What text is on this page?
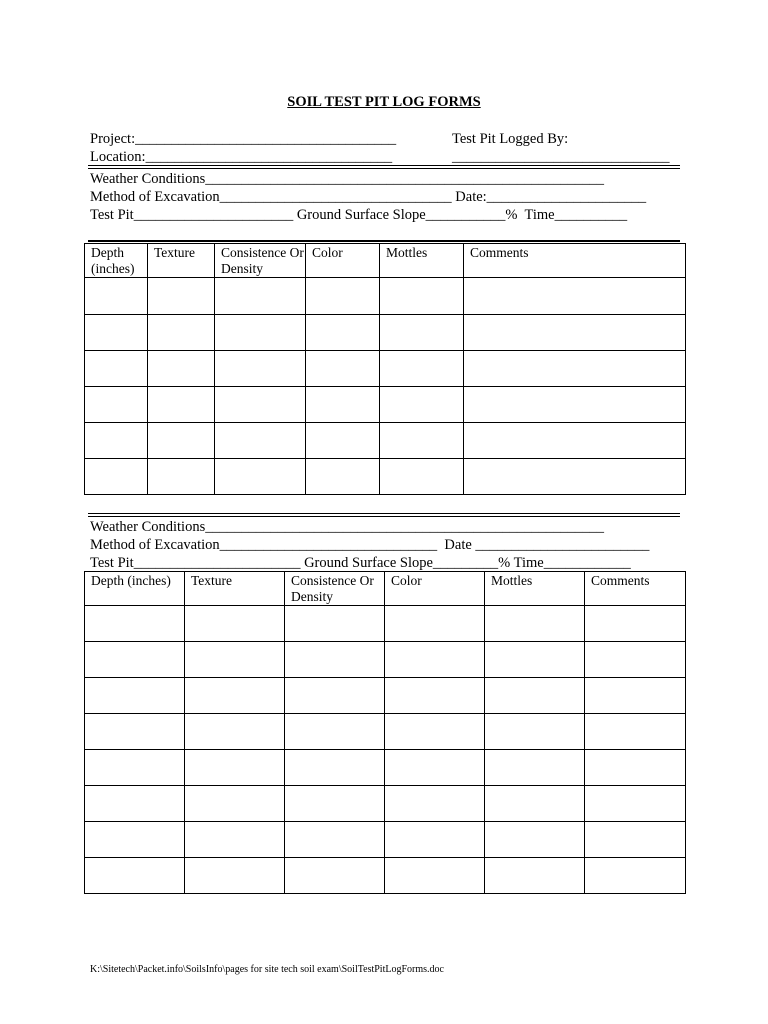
SOIL TEST PIT LOG FORMS
Project:____________________________________	Test Pit Logged By:
Location:__________________________________	______________________________
Weather Conditions_______________________________________________________
Method of Excavation________________________________ Date:______________________
Test Pit______________________ Ground Surface Slope___________%  Time__________
Depth (inches)	Texture	Consistence Or Density	Color	Mottles	Comments

Weather Conditions_______________________________________________________
Method of Excavation______________________________  Date ________________________
Test Pit_______________________ Ground Surface Slope_________% Time____________
Depth (inches)	Texture	Consistence Or Density	Color	Mottles	Comments

K:\Sitetech\Packet.info\SoilsInfo\pages for site tech soil exam\SoilTestPitLogForms.doc
